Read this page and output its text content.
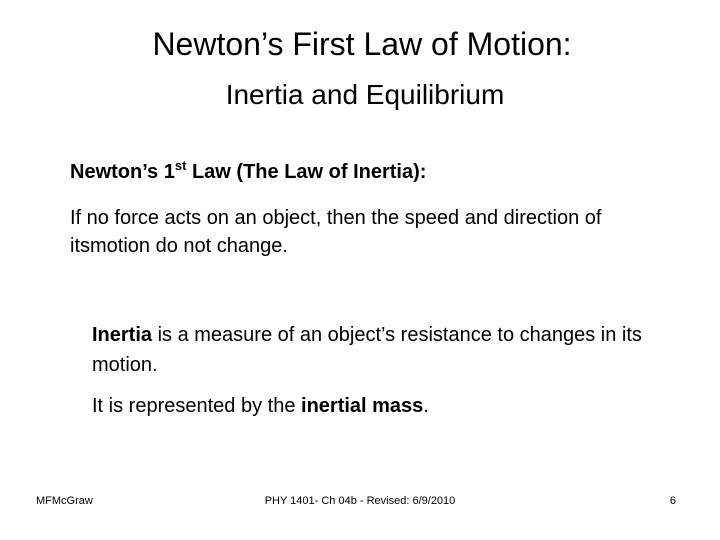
Newton’s First Law of Motion:
Inertia and Equilibrium
Newton’s 1st Law (The Law of Inertia):
If no force acts on an object, then the speed and direction of itsmotion do not change.
Inertia is a measure of an object’s resistance to changes in its motion.
It is represented by the inertial mass.
MFMcGraw	PHY 1401- Ch 04b - Revised: 6/9/2010	6
